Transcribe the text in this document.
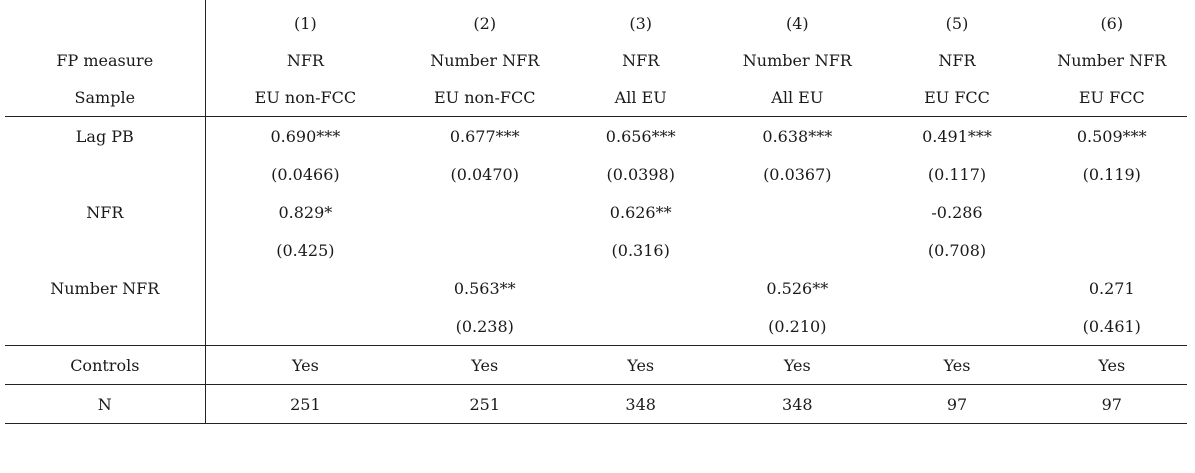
	(1)	(2)	(3)	(4)	(5)	(6)
FP measure	NFR	Number NFR	NFR	Number NFR	NFR	Number NFR
Sample	EU non-FCC	EU non-FCC	All EU	All EU	EU FCC	EU FCC
Lag PB	0.690***	0.677***	0.656***	0.638***	0.491***	0.509***
	(0.0466)	(0.0470)	(0.0398)	(0.0367)	(0.117)	(0.119)
NFR	0.829*		0.626**		-0.286	
	(0.425)		(0.316)		(0.708)	
Number NFR		0.563**		0.526**		0.271
		(0.238)		(0.210)		(0.461)
Controls	Yes	Yes	Yes	Yes	Yes	Yes
N	251	251	348	348	97	97
